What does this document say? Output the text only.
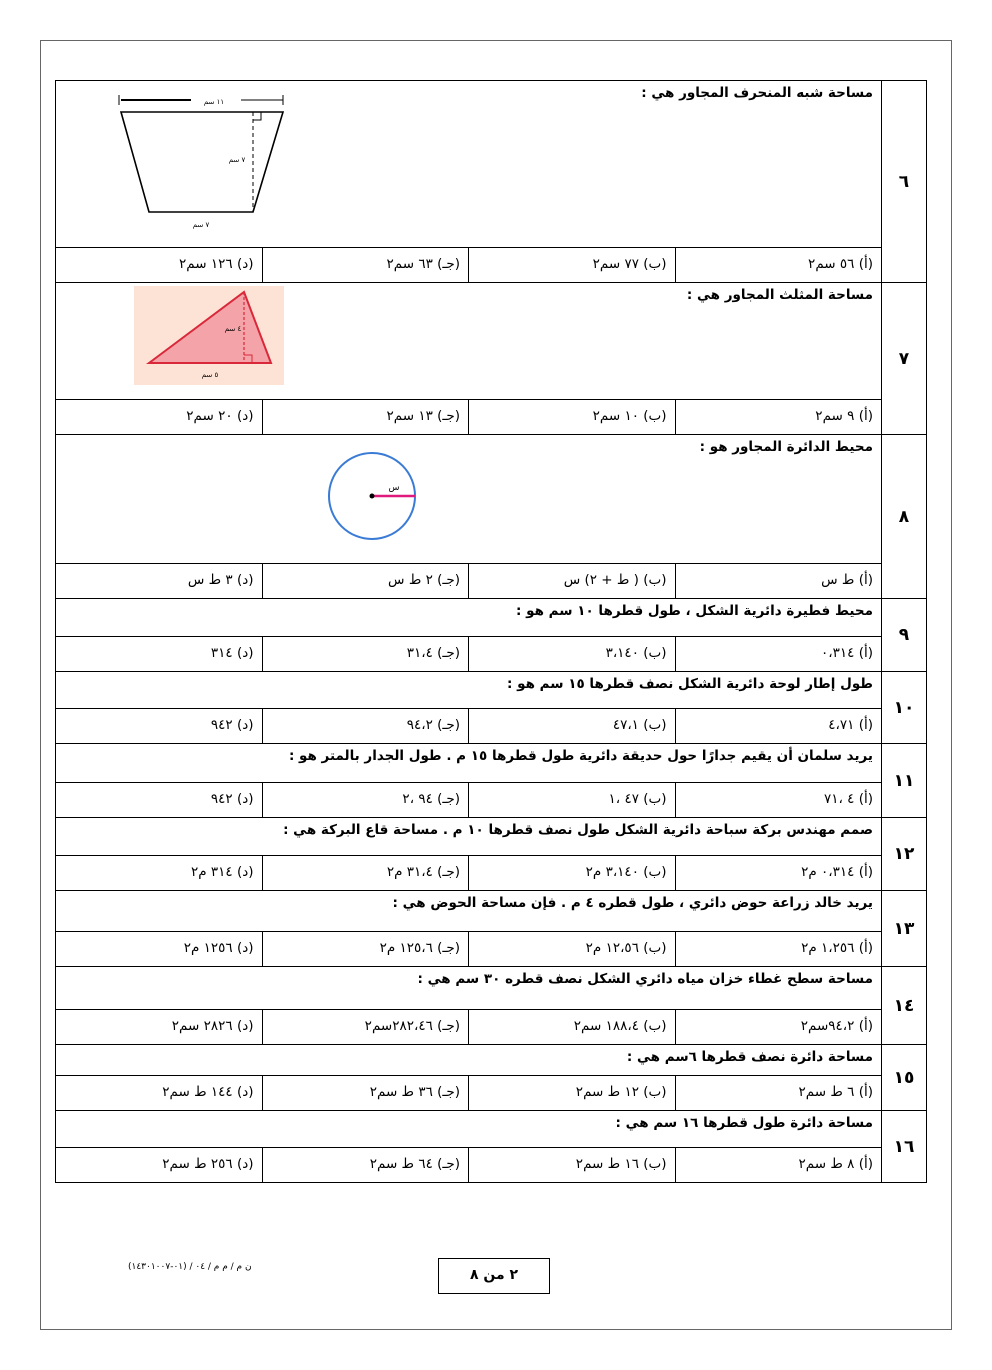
٦	مساحة شبه المنحرف المجاور هي :
١١ سم
٧ سم
٧ سم

	(أ) ٥٦ سم٢
(ب) ٧٧ سم٢
(جـ) ٦٣ سم٢
(د) ١٢٦ سم٢

٧	مساحة المثلث المجاور هي :
٤ سم
٥ سم

	(أ) ٩ سم٢
(ب) ١٠ سم٢
(جـ) ١٣ سم٢
(د) ٢٠ سم٢

٨	محيط الدائرة المجاور هو :
س

	(أ) ط س
(ب) ( ط + ٢) س
(جـ) ٢ ط س
(د) ٣ ط س

٩	محيط فطيرة دائرية الشكل ، طول قطرها ١٠ سم هو :

	(أ) ٠،٣١٤
(ب) ٣،١٤٠
(جـ) ٣١،٤
(د) ٣١٤

١٠	طول إطار لوحة دائرية الشكل نصف قطرها ١٥ سم هو :

	(أ) ٤،٧١
(ب) ٤٧،١
(جـ) ٩٤،٢
(د) ٩٤٢

١١	يريد سلمان أن يقيم جدارًا حول حديقة دائرية طول قطرها ١٥ م . طول الجدار بالمتر هو :

	(أ) ٤ ،٧١
(ب) ٤٧ ،١
(جـ) ٩٤ ،٢
(د) ٩٤٢

١٢	صمم مهندس بركة سباحة دائرية الشكل طول نصف قطرها ١٠ م . مساحة قاع البركة هي :

	(أ) ٠،٣١٤ م٢
(ب) ٣،١٤٠ م٢
(جـ) ٣١،٤ م٢
(د) ٣١٤ م٢

١٣	يريد خالد زراعة حوض دائري ، طول قطره ٤ م . فإن مساحة الحوض هي :

	(أ) ١،٢٥٦ م٢
(ب) ١٢،٥٦ م٢
(جـ) ١٢٥،٦ م٢
(د) ١٢٥٦ م٢

١٤	مساحة سطح غطاء خزان مياه دائري الشكل نصف قطره ٣٠ سم هي :

	(أ) ٩٤،٢سم٢
(ب) ١٨٨،٤ سم٢
(جـ) ٢٨٢،٤٦سم٢
(د) ٢٨٢٦ سم٢

١٥	مساحة دائرة نصف قطرها ٦سم هي :

	(أ) ٦ ط سم٢
(ب) ١٢ ط سم٢
(جـ) ٣٦ ط سم٢
(د) ١٤٤ ط سم٢

١٦	مساحة دائرة طول قطرها ١٦ سم هي :

	(أ) ٨ ط سم٢
(ب) ١٦ ط سم٢
(جـ) ٦٤ ط سم٢
(د) ٢٥٦ ط سم٢
ن م / م م / ٠٤ / (٠١-١٤٣٠١٠٠٧)	٢ من ٨
